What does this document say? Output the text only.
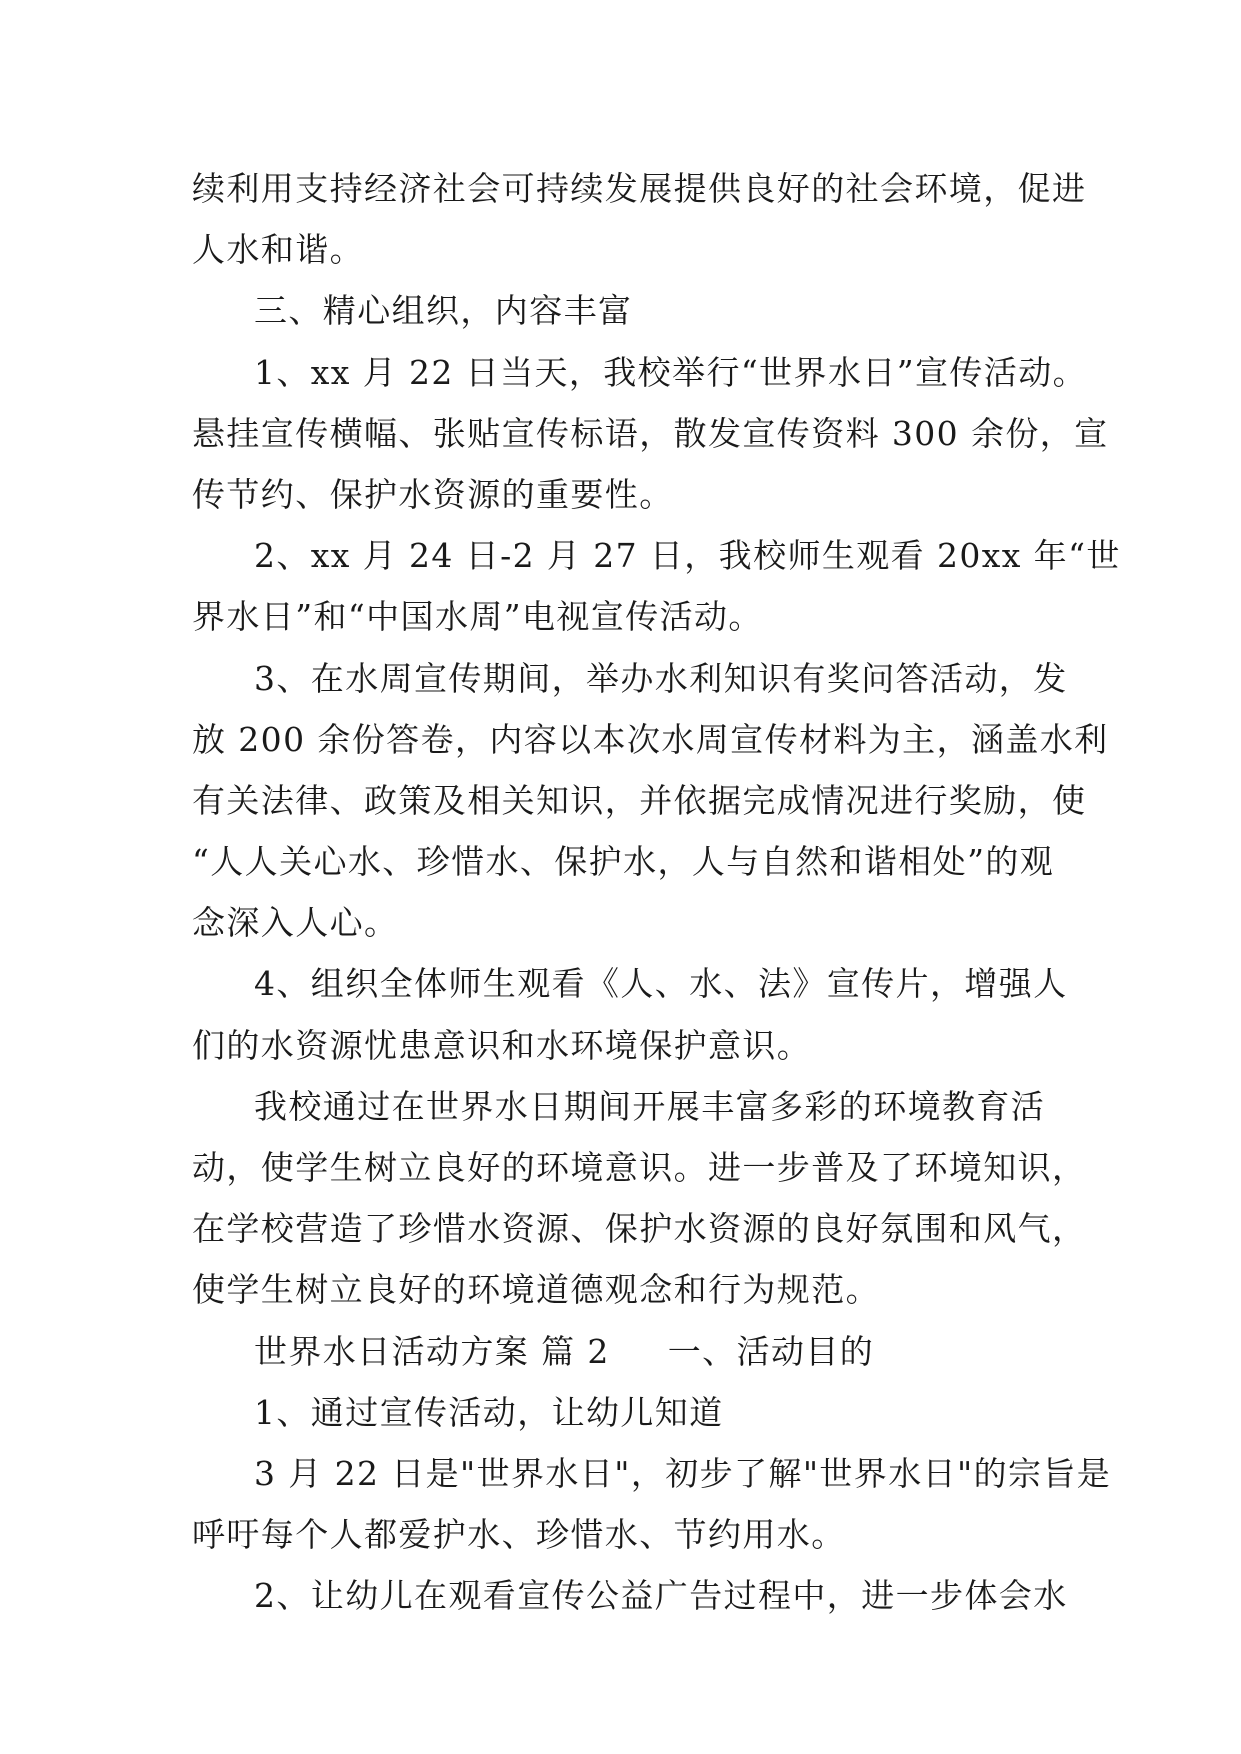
续利用支持经济社会可持续发展提供良好的社会环境，促进
人水和谐。
三、精心组织，内容丰富
1、xx 月 22 日当天，我校举行“世界水日”宣传活动。
悬挂宣传横幅、张贴宣传标语，散发宣传资料 300 余份，宣
传节约、保护水资源的重要性。
2、xx 月 24 日-2 月 27 日，我校师生观看 20xx 年“世
界水日”和“中国水周”电视宣传活动。
3、在水周宣传期间，举办水利知识有奖问答活动，发
放 200 余份答卷，内容以本次水周宣传材料为主，涵盖水利
有关法律、政策及相关知识，并依据完成情况进行奖励，使
“人人关心水、珍惜水、保护水，人与自然和谐相处”的观
念深入人心。
4、组织全体师生观看《人、水、法》宣传片，增强人
们的水资源忧患意识和水环境保护意识。
我校通过在世界水日期间开展丰富多彩的环境教育活
动，使学生树立良好的环境意识。进一步普及了环境知识，
在学校营造了珍惜水资源、保护水资源的良好氛围和风气，
使学生树立良好的环境道德观念和行为规范。
世界水日活动方案 篇 2 一、活动目的
1、通过宣传活动，让幼儿知道
3 月 22 日是"世界水日"，初步了解"世界水日"的宗旨是
呼吁每个人都爱护水、珍惜水、节约用水。
2、让幼儿在观看宣传公益广告过程中，进一步体会水
